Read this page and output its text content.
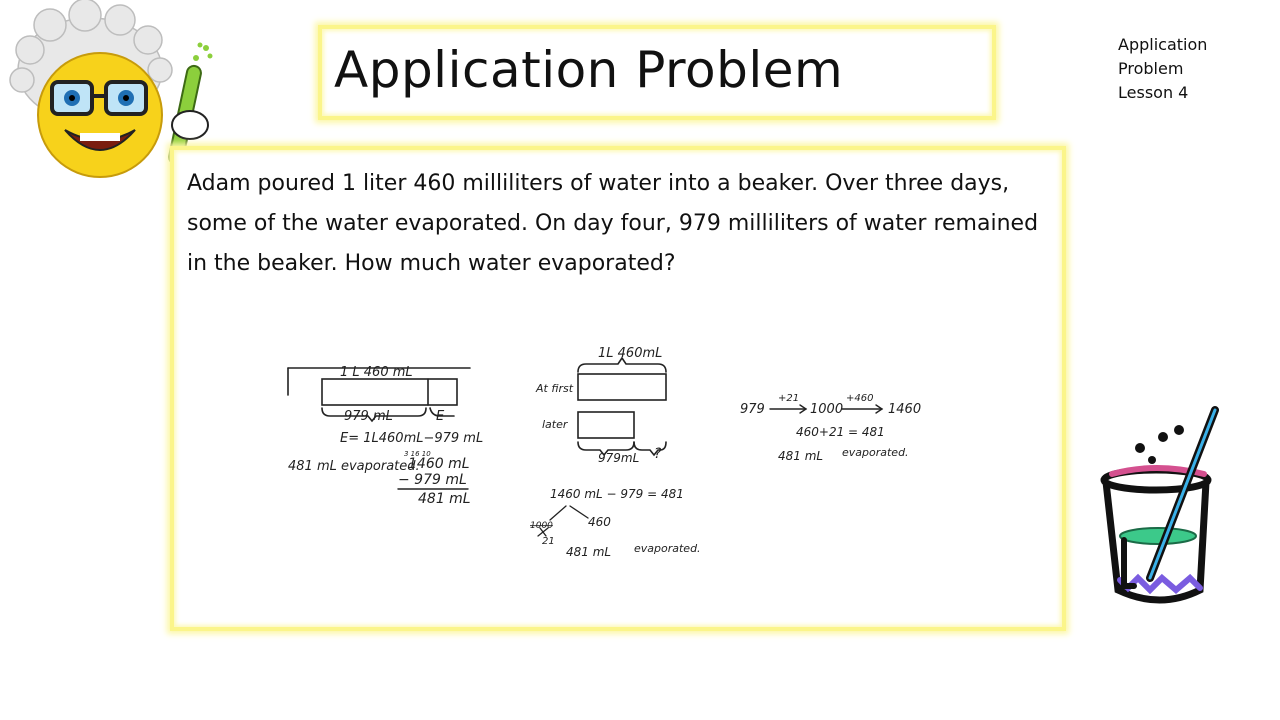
Application Problem	Application
Problem
Lesson 4
Adam poured 1 liter 460 milliliters of water into a beaker. Over three days, some of the water evaporated. On day four, 979 milliliters of water remained in the beaker. How much water evaporated?
1 L 460 mL
979 mL	E
E= 1L460mL−979 mL
3 16 10
1460 mL
481 mL evaporated.
− 979 mL
481 mL
1L 460mL
At first
later
979mL ?
979
+21
1000
+460
1460
460+21 = 481
481 mL evaporated.
1460 mL − 979 = 481
1000	460
21
481 mL evaporated.
